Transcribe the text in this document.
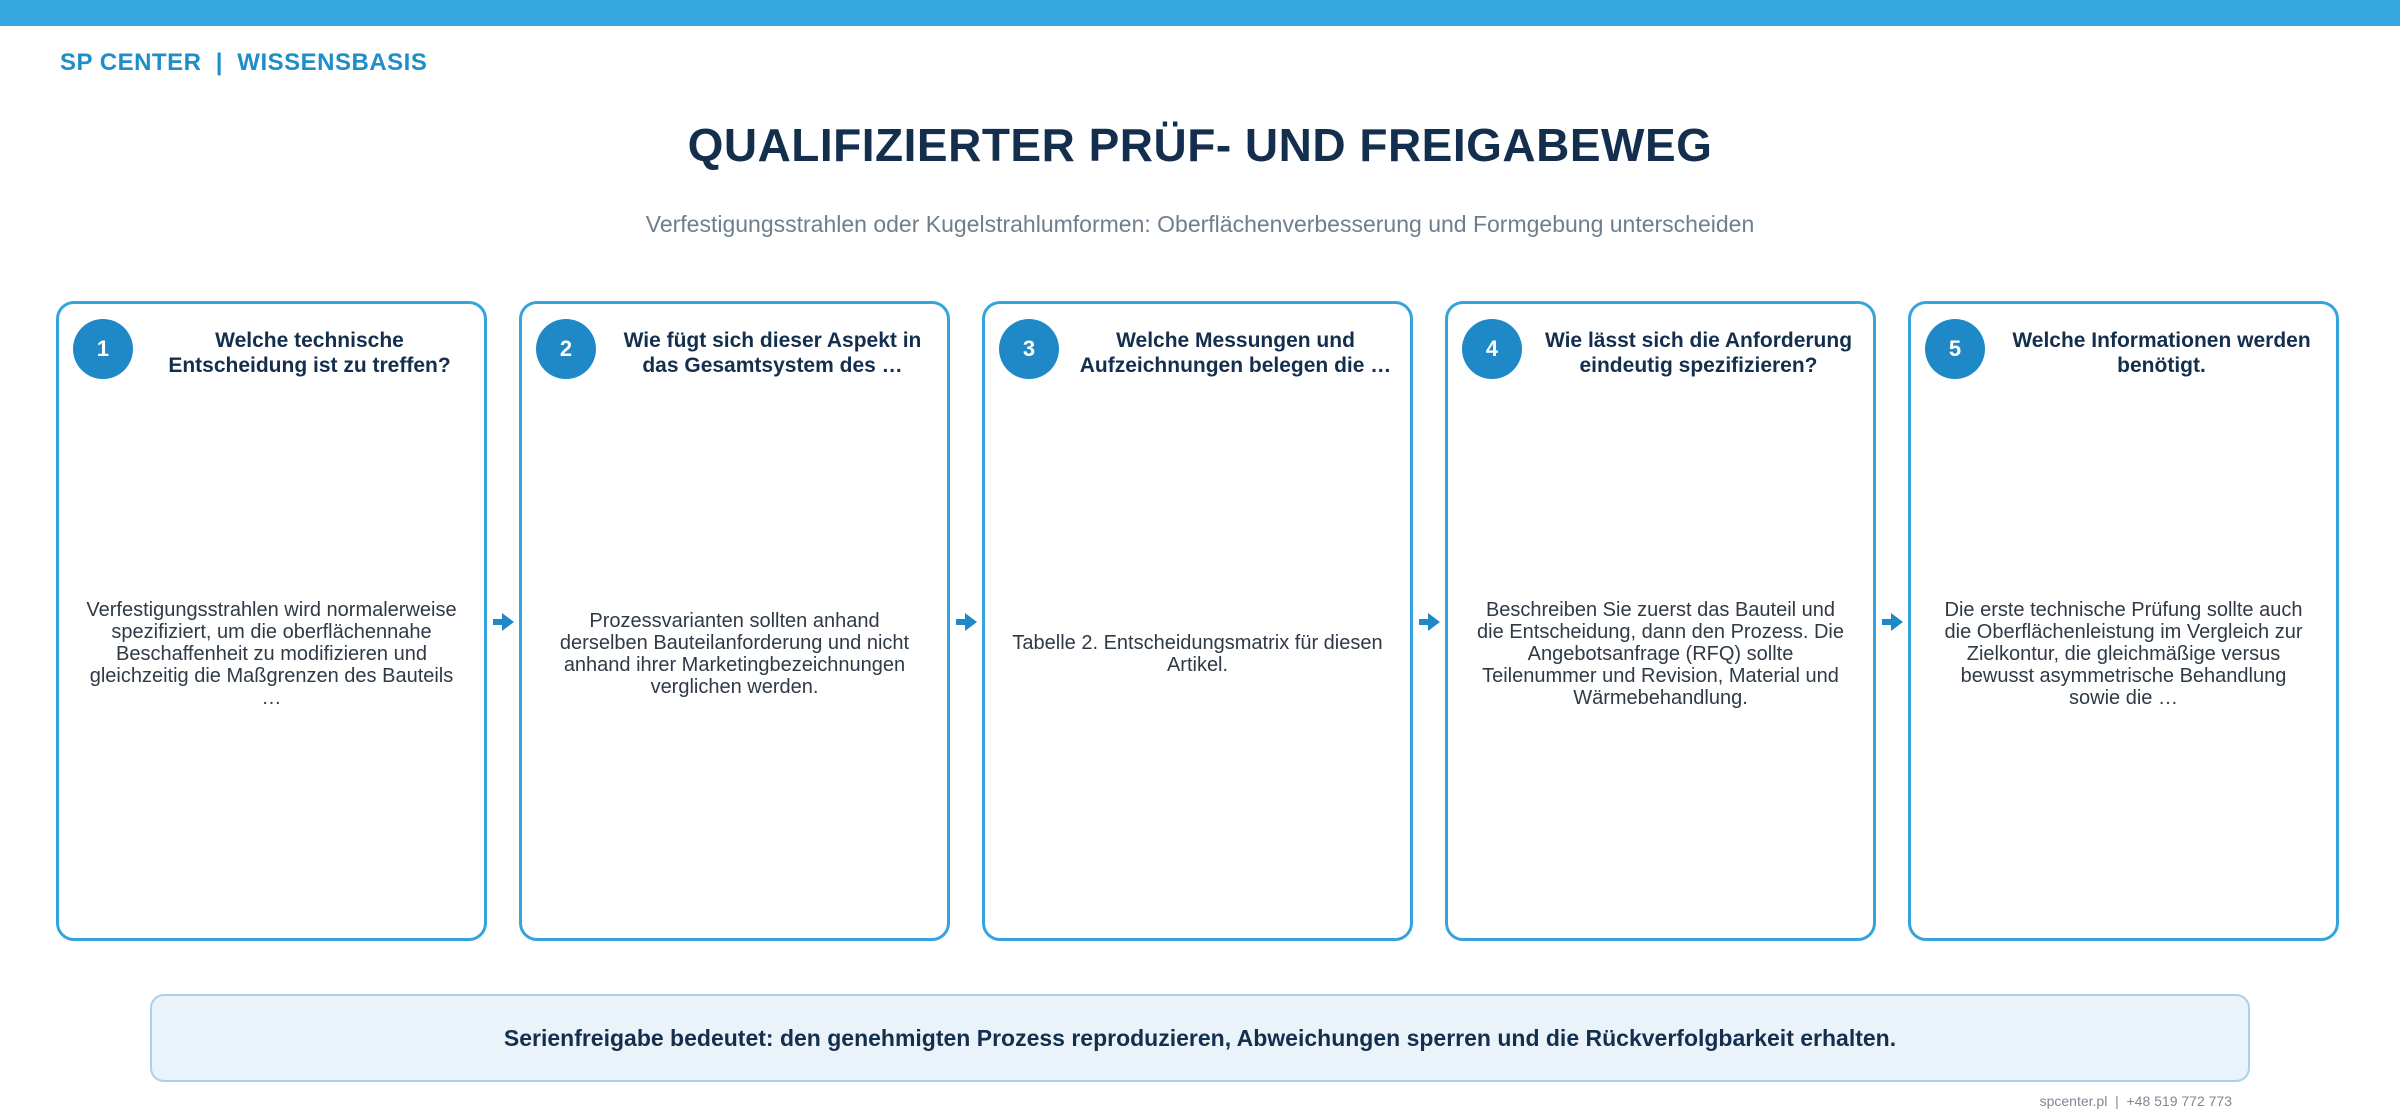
SP CENTER  |  WISSENSBASIS
QUALIFIZIERTER PRÜF- UND FREIGABEWEG
Verfestigungsstrahlen oder Kugelstrahlumformen: Oberflächenverbesserung und Formgebung unterscheiden
1	Welche technische Entscheidung ist zu treffen?
Verfestigungsstrahlen wird normalerweise spezifiziert, um die oberflächennahe Beschaffenheit zu modifizieren und gleichzeitig die Maßgrenzen des Bauteils …
2	Wie fügt sich dieser Aspekt in das Gesamtsystem des …
Prozessvarianten sollten anhand derselben Bauteilanforderung und nicht anhand ihrer Marketingbezeichnungen verglichen werden.
3	Welche Messungen und Aufzeichnungen belegen die …
Tabelle 2. Entscheidungsmatrix für diesen Artikel.
4	Wie lässt sich die Anforderung eindeutig spezifizieren?
Beschreiben Sie zuerst das Bauteil und die Entscheidung, dann den Prozess. Die Angebotsanfrage (RFQ) sollte Teilenummer und Revision, Material und Wärmebehandlung.
5	Welche Informationen werden benötigt.
Die erste technische Prüfung sollte auch die Oberflächenleistung im Vergleich zur Zielkontur, die gleichmäßige versus bewusst asymmetrische Behandlung sowie die …
Serienfreigabe bedeutet: den genehmigten Prozess reproduzieren, Abweichungen sperren und die Rückverfolgbarkeit erhalten.
spcenter.pl  |  +48 519 772 773
